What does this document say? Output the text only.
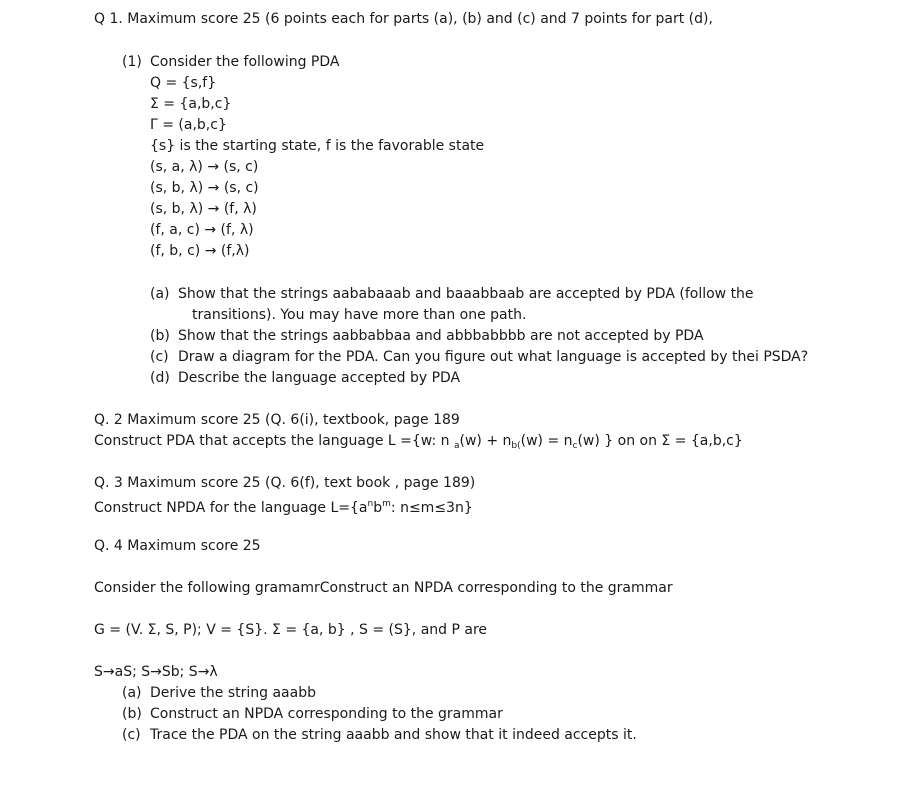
Q 1. Maximum score 25 (6 points each for parts (a), (b) and (c) and 7 points for part (d),
(1) Consider the following PDA
Q = {s,f}
Σ = {a,b,c}
Γ = (a,b,c}
{s} is the starting state, f is the favorable state
(s, a, λ) → (s, c)
(s, b, λ) → (s, c)
(s, b, λ) → (f, λ)
(f, a, c) → (f, λ)
(f, b, c) → (f,λ)
(a) Show that the strings aababaaab and baaabbaab are accepted by PDA (follow the
transitions). You may have more than one path.
(b) Show that the strings aabbabbaa and abbbabbbb are not accepted by PDA
(c) Draw a diagram for the PDA. Can you figure out what language is accepted by thei PSDA?
(d) Describe the language accepted by PDA
Q. 2 Maximum score 25 (Q. 6(i), textbook, page 189
Construct PDA that accepts the language L ={w: n $_a(w) + n_{b(}(w) = n_c(w)$ } on on Σ = {a,b,c}
Q. 3 Maximum score 25 (Q. 6(f), text book , page 189)
Construct NPDA for the language $L=\{a^nb^m$: n≤m≤3n}
Q. 4 Maximum score 25
Consider the following gramamrConstruct an NPDA corresponding to the grammar
G = (V. Σ, S, P); V = {S}. Σ = {a, b} , S = (S}, and P are
S→aS; S→Sb; S→λ
(a) Derive the string aaabb
(b) Construct an NPDA corresponding to the grammar
(c) Trace the PDA on the string aaabb and show that it indeed accepts it.
